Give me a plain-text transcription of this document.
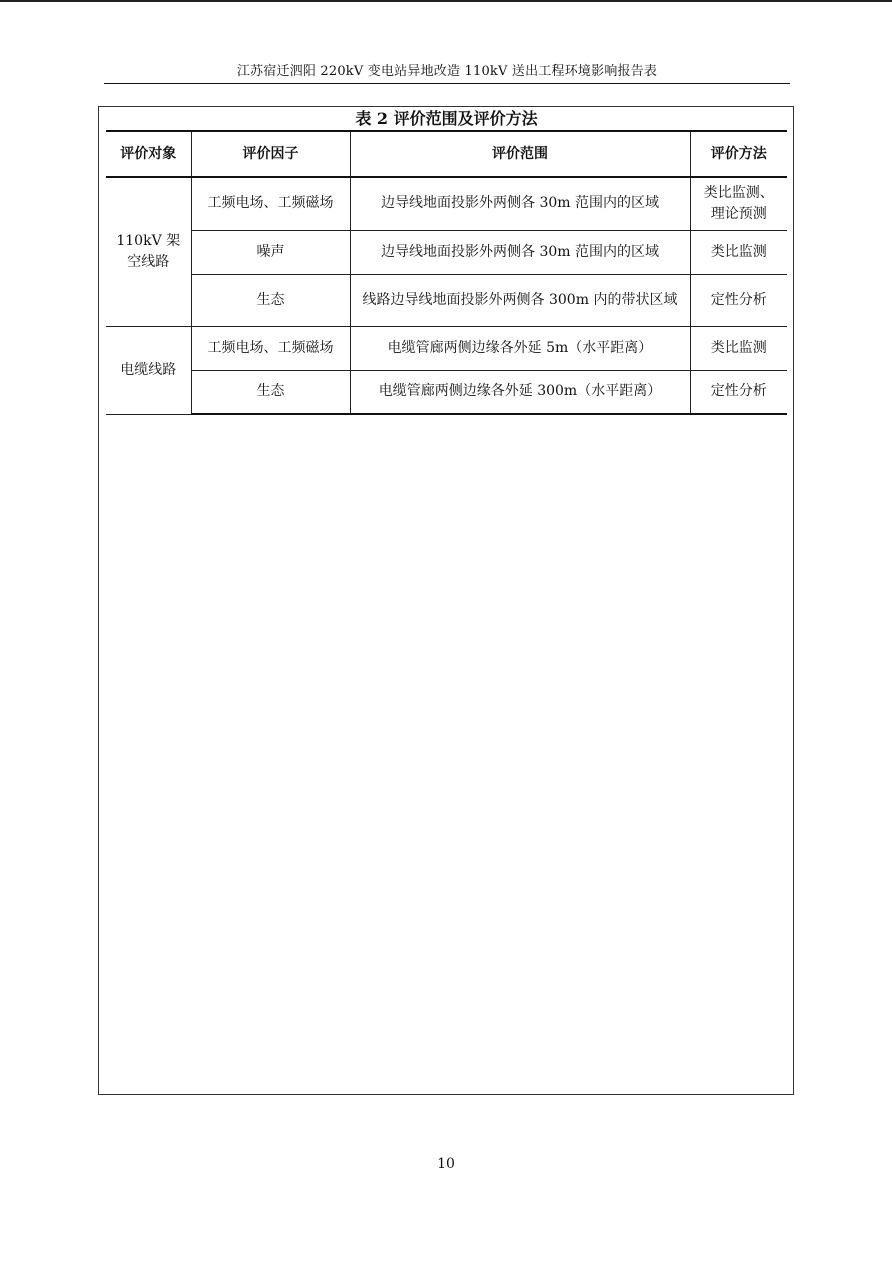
江苏宿迁泗阳 220kV 变电站异地改造 110kV 送出工程环境影响报告表
表 2 评价范围及评价方法
评价对象	评价因子	评价范围	评价方法
110kV 架空线路	工频电场、工频磁场	边导线地面投影外两侧各 30m 范围内的区域	类比监测、理论预测
	噪声	边导线地面投影外两侧各 30m 范围内的区域	类比监测
	生态	线路边导线地面投影外两侧各 300m 内的带状区域	定性分析
电缆线路	工频电场、工频磁场	电缆管廊两侧边缘各外延 5m（水平距离）	类比监测
	生态	电缆管廊两侧边缘各外延 300m（水平距离）	定性分析
10
